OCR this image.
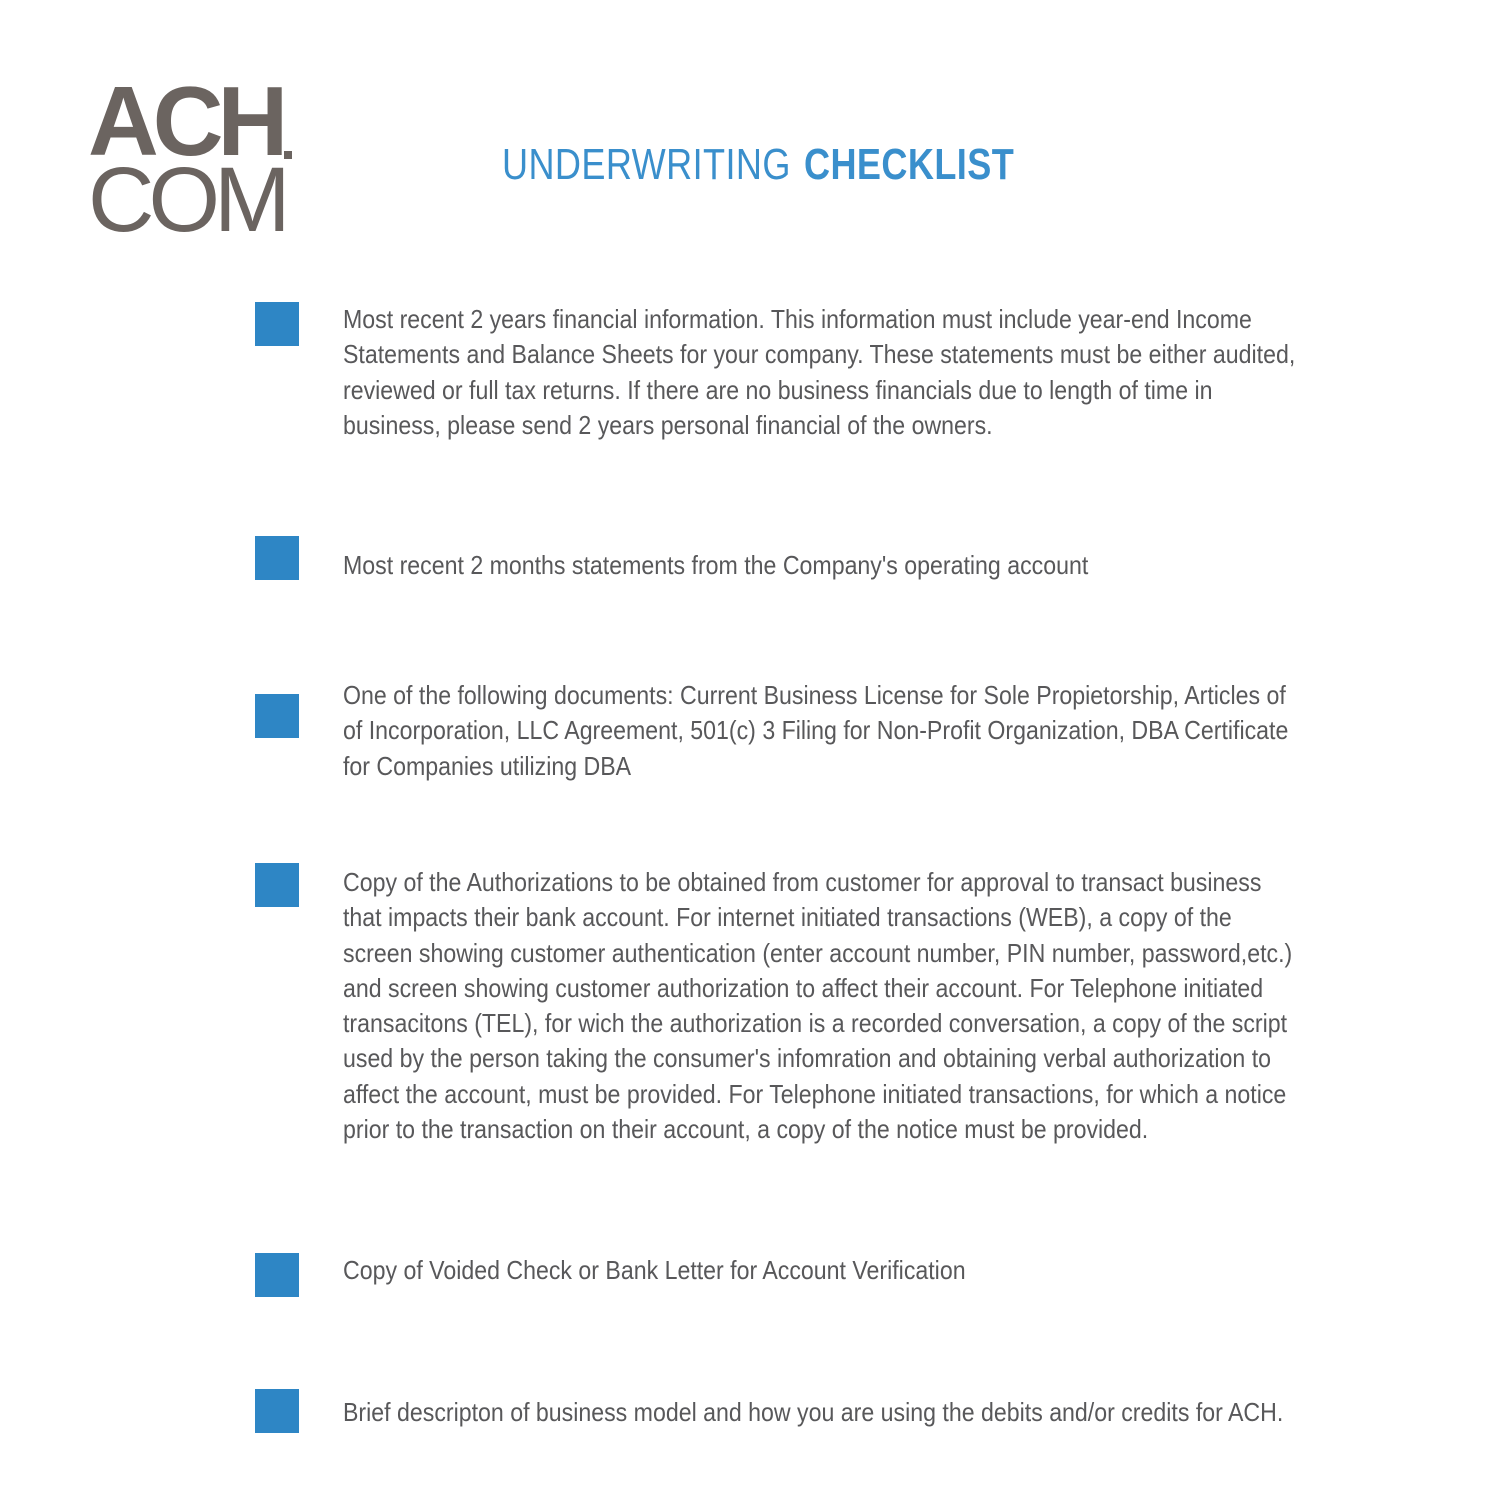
ACH
COM	UNDERWRITING CHECKLIST
Most recent 2 years financial information. This information must include year-end Income
Statements and Balance Sheets for your company. These statements must be either audited,
reviewed or full tax returns. If there are no business financials due to length of time in
business, please send 2 years personal financial of the owners.
Most recent 2 months statements from the Company's operating account
One of the following documents: Current Business License for Sole Propietorship, Articles of
of Incorporation, LLC Agreement, 501(c) 3 Filing for Non-Profit Organization, DBA Certificate
for Companies utilizing DBA
Copy of the Authorizations to be obtained from customer for approval to transact business
that impacts their bank account. For internet initiated transactions (WEB), a copy of the
screen showing customer authentication (enter account number, PIN number, password,etc.)
and screen showing customer authorization to affect their account. For Telephone initiated
transacitons (TEL), for wich the authorization is a recorded conversation, a copy of the script
used by the person taking the consumer's infomration and obtaining verbal authorization to
affect the account, must be provided. For Telephone initiated transactions, for which a notice
prior to the transaction on their account, a copy of the notice must be provided.
Copy of Voided Check or Bank Letter for Account Verification
Brief descripton of business model and how you are using the debits and/or credits for ACH.
